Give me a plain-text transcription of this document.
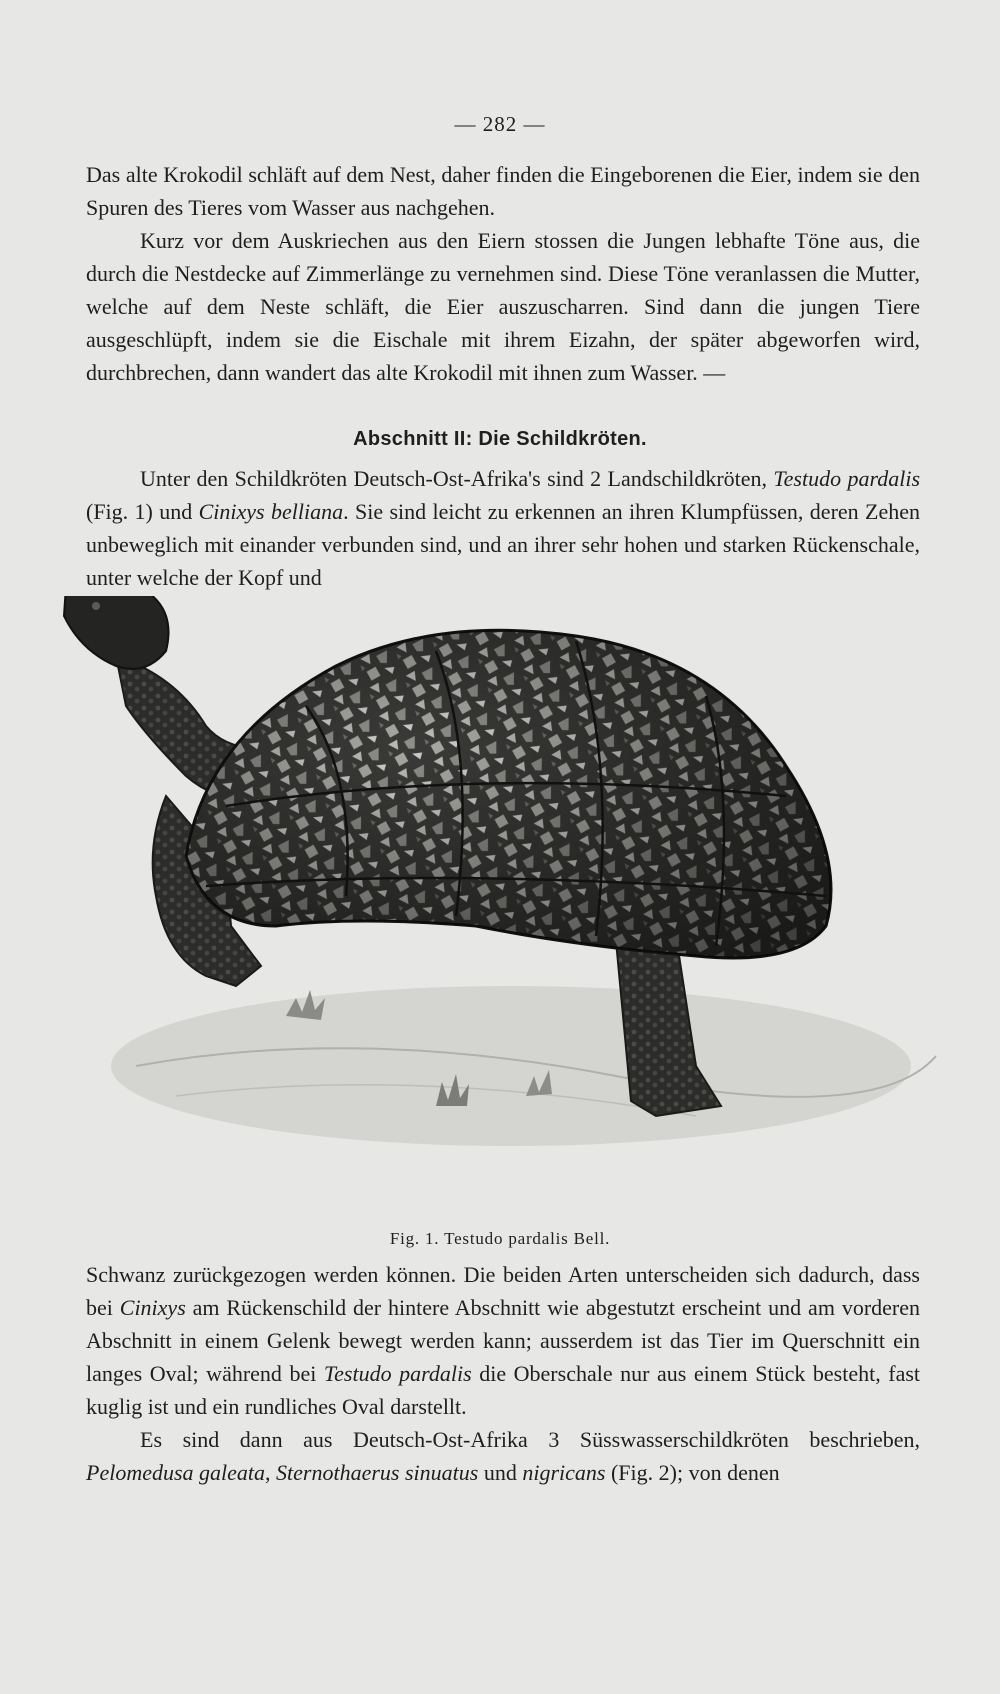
— 282 —

Das alte Krokodil schläft auf dem Nest, daher finden die Eingeborenen die Eier, indem sie den Spuren des Tieres vom Wasser aus nachgehen.

Kurz vor dem Auskriechen aus den Eiern stossen die Jungen lebhafte Töne aus, die durch die Nestdecke auf Zimmerlänge zu vernehmen sind. Diese Töne veranlassen die Mutter, welche auf dem Neste schläft, die Eier auszuscharren. Sind dann die jungen Tiere ausgeschlüpft, indem sie die Eischale mit ihrem Eizahn, der später abgeworfen wird, durchbrechen, dann wandert das alte Krokodil mit ihnen zum Wasser. —

Abschnitt II: Die Schildkröten.

Unter den Schildkröten Deutsch-Ost-Afrika's sind 2 Landschildkröten, Testudo pardalis (Fig. 1) und Cinixys belliana. Sie sind leicht zu erkennen an ihren Klumpfüssen, deren Zehen unbeweglich mit einander verbunden sind, und an ihrer sehr hohen und starken Rückenschale, unter welche der Kopf und

Fig. 1. Testudo pardalis Bell.

Schwanz zurückgezogen werden können. Die beiden Arten unterscheiden sich dadurch, dass bei Cinixys am Rückenschild der hintere Abschnitt wie abgestutzt erscheint und am vorderen Abschnitt in einem Gelenk bewegt werden kann; ausserdem ist das Tier im Querschnitt ein langes Oval; während bei Testudo pardalis die Oberschale nur aus einem Stück besteht, fast kuglig ist und ein rundliches Oval darstellt.

Es sind dann aus Deutsch-Ost-Afrika 3 Süsswasserschildkröten beschrieben, Pelomedusa galeata, Sternothaerus sinuatus und nigricans (Fig. 2); von denen
